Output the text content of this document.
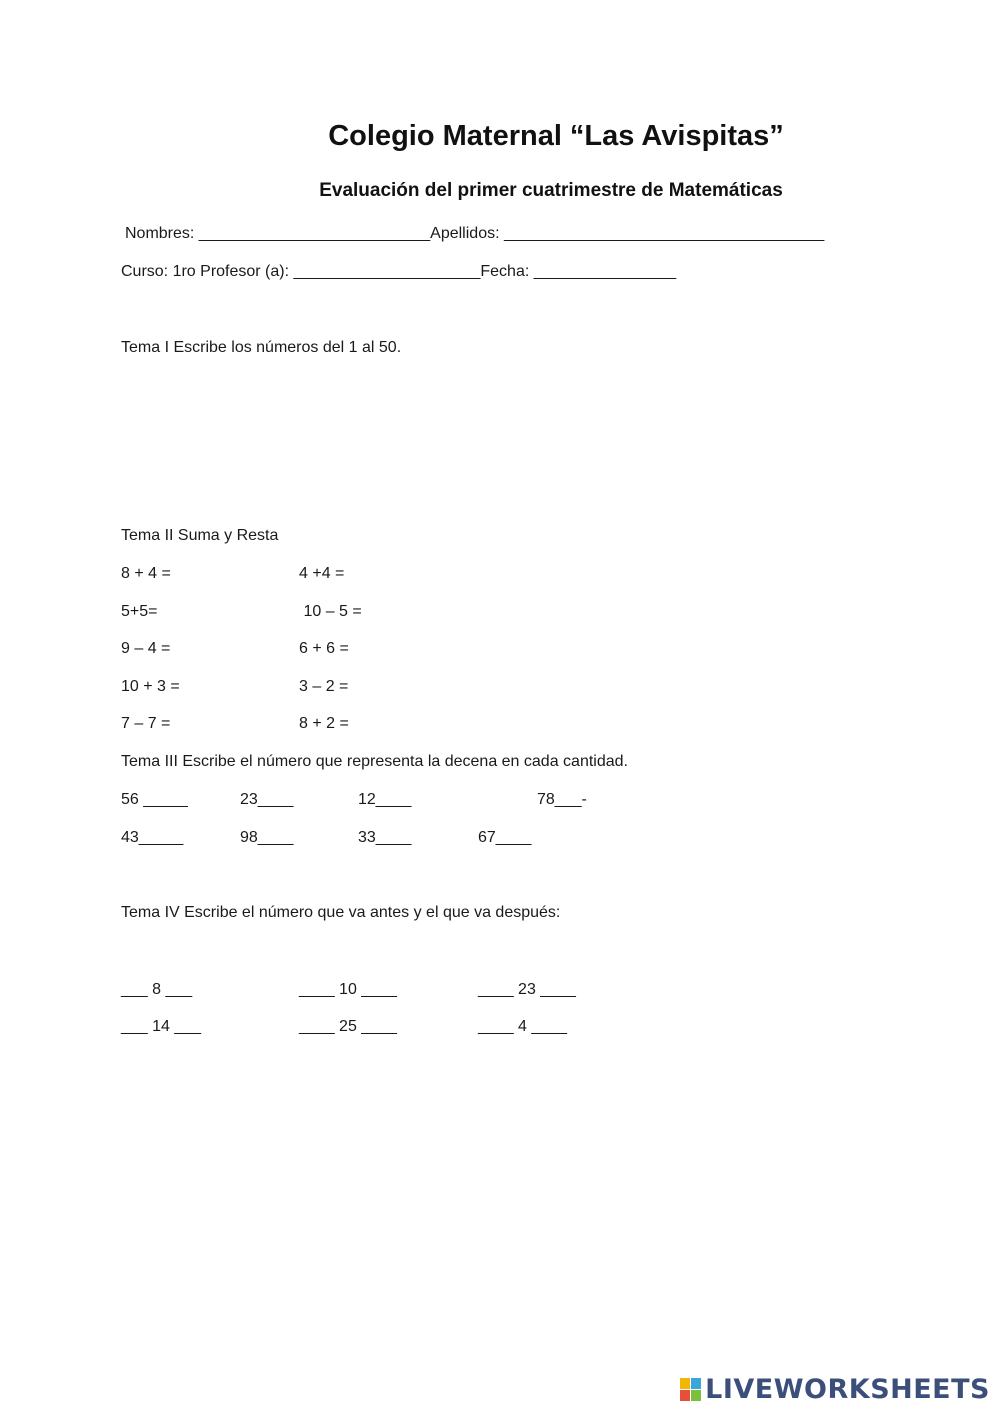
Colegio Maternal “Las Avispitas”
Evaluación del primer cuatrimestre de Matemáticas
Nombres: __________________________Apellidos: ____________________________________
Curso: 1ro Profesor (a): _____________________Fecha: ________________
Tema I Escribe los números del 1 al 50.
Tema II Suma y Resta
8 + 4 =	4 +4 =
5+5=	10 – 5 =
9 – 4 =	6 + 6 =
10 + 3 =	3 – 2 =
7 – 7 =	8 + 2 =
Tema III Escribe el número que representa la decena en cada cantidad.
56 _____	23____	12____	78___-
43_____	98____	33____	67____
Tema IV Escribe el número que va antes y el que va después:
___ 8 ___	____ 10 ____	____ 23 ____
___ 14 ___	____ 25 ____	____ 4 ____
LIVEWORKSHEETS
